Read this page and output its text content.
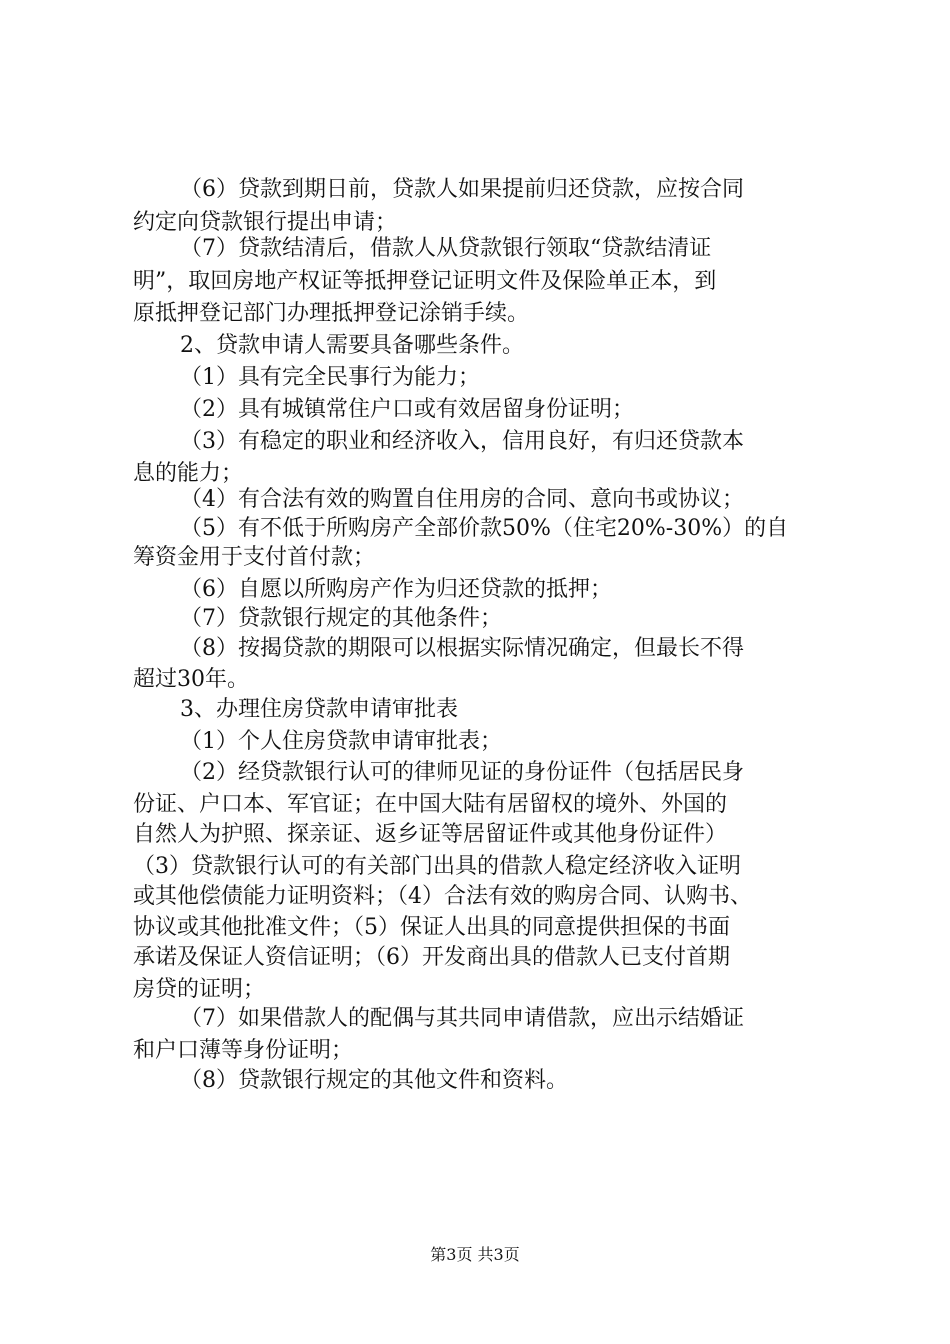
（6）贷款到期日前，贷款人如果提前归还贷款，应按合同
约定向贷款银行提出申请；
（7）贷款结清后，借款人从贷款银行领取“贷款结清证
明”，取回房地产权证等抵押登记证明文件及保险单正本，到
原抵押登记部门办理抵押登记涂销手续。
2、贷款申请人需要具备哪些条件。
（1）具有完全民事行为能力；
（2）具有城镇常住户口或有效居留身份证明；
（3）有稳定的职业和经济收入，信用良好，有归还贷款本
息的能力；
（4）有合法有效的购置自住用房的合同、意向书或协议；
（5）有不低于所购房产全部价款50%（住宅20%-30%）的自
筹资金用于支付首付款；
（6）自愿以所购房产作为归还贷款的抵押；
（7）贷款银行规定的其他条件；
（8）按揭贷款的期限可以根据实际情况确定，但最长不得
超过30年。
3、办理住房贷款申请审批表
（1）个人住房贷款申请审批表；
（2）经贷款银行认可的律师见证的身份证件（包括居民身
份证、户口本、军官证；在中国大陆有居留权的境外、外国的
自然人为护照、探亲证、返乡证等居留证件或其他身份证件）
（3）贷款银行认可的有关部门出具的借款人稳定经济收入证明
或其他偿债能力证明资料；（4）合法有效的购房合同、认购书、
协议或其他批准文件；（5）保证人出具的同意提供担保的书面
承诺及保证人资信证明；（6）开发商出具的借款人已支付首期
房贷的证明；
（7）如果借款人的配偶与其共同申请借款，应出示结婚证
和户口薄等身份证明；
（8）贷款银行规定的其他文件和资料。
第3页 共3页
